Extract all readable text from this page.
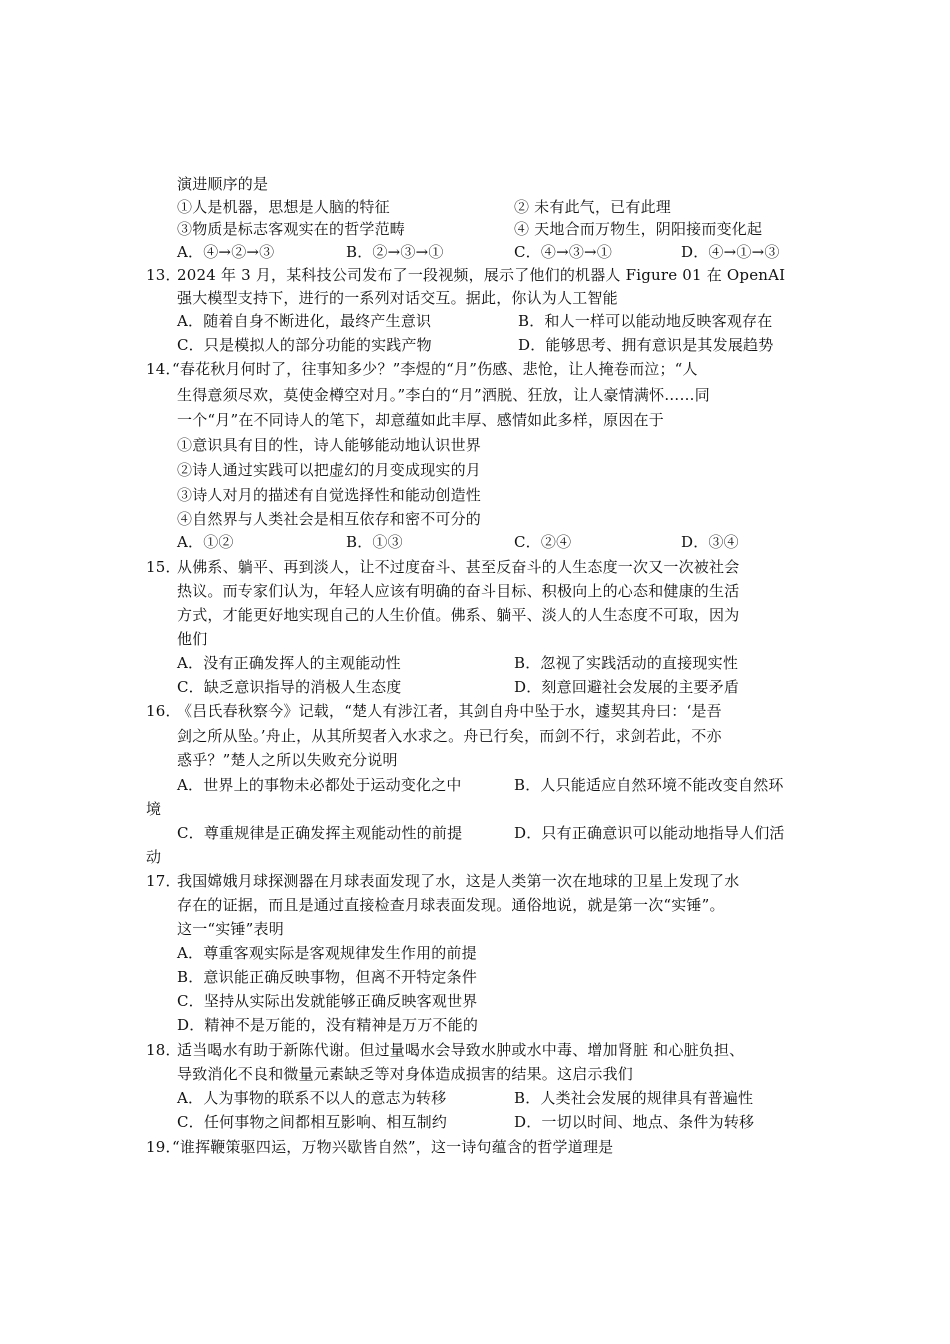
演进顺序的是
①人是机器，思想是人脑的特征	② 未有此气，已有此理
③物质是标志客观实在的哲学范畴	④ 天地合而万物生，阴阳接而变化起
A．④→②→③	B．②→③→①	C．④→③→①	D．④→①→③
13．
2024 年 3 月，某科技公司发布了一段视频，展示了他们的机器人 Figure 01 在 OpenAI
强大模型支持下，进行的一系列对话交互。据此，你认为人工智能
A．随着自身不断进化，最终产生意识	B．和人一样可以能动地反映客观存在
C．只是模拟人的部分功能的实践产物	D．能够思考、拥有意识是其发展趋势
14．
“春花秋月何时了，往事知多少？”李煜的“月”伤感、悲怆，让人掩卷而泣；“人
生得意须尽欢，莫使金樽空对月。”李白的“月”洒脱、狂放，让人豪情满怀……同
一个“月”在不同诗人的笔下，却意蕴如此丰厚、感情如此多样，原因在于
①意识具有目的性，诗人能够能动地认识世界
②诗人通过实践可以把虚幻的月变成现实的月
③诗人对月的描述有自觉选择性和能动创造性
④自然界与人类社会是相互依存和密不可分的
A．①②	B．①③	C．②④	D．③④
15．
从佛系、躺平、再到淡人，让不过度奋斗、甚至反奋斗的人生态度一次又一次被社会
热议。而专家们认为，年轻人应该有明确的奋斗目标、积极向上的心态和健康的生活
方式，才能更好地实现自己的人生价值。佛系、躺平、淡人的人生态度不可取，因为
他们
A．没有正确发挥人的主观能动性	B．忽视了实践活动的直接现实性
C．缺乏意识指导的消极人生态度	D．刻意回避社会发展的主要矛盾
16．
《吕氏春秋察今》记载，“楚人有涉江者，其剑自舟中坠于水，遽契其舟曰：‘是吾
剑之所从坠。’舟止，从其所契者入水求之。舟已行矣，而剑不行，求剑若此，不亦
惑乎？”楚人之所以失败充分说明
A．世界上的事物未必都处于运动变化之中	B．人只能适应自然环境不能改变自然环
境
C．尊重规律是正确发挥主观能动性的前提	D．只有正确意识可以能动地指导人们活
动
17．
我国嫦娥月球探测器在月球表面发现了水，这是人类第一次在地球的卫星上发现了水
存在的证据，而且是通过直接检查月球表面发现。通俗地说，就是第一次“实锤”。
这一“实锤”表明
A．尊重客观实际是客观规律发生作用的前提
B．意识能正确反映事物，但离不开特定条件
C．坚持从实际出发就能够正确反映客观世界
D．精神不是万能的，没有精神是万万不能的
18．
适当喝水有助于新陈代谢。但过量喝水会导致水肿或水中毒、增加肾脏 和心脏负担、
导致消化不良和微量元素缺乏等对身体造成损害的结果。这启示我们
A．人为事物的联系不以人的意志为转移	B．人类社会发展的规律具有普遍性
C．任何事物之间都相互影响、相互制约	D．一切以时间、地点、条件为转移
19．
“谁挥鞭策驱四运，万物兴歇皆自然”，这一诗句蕴含的哲学道理是
